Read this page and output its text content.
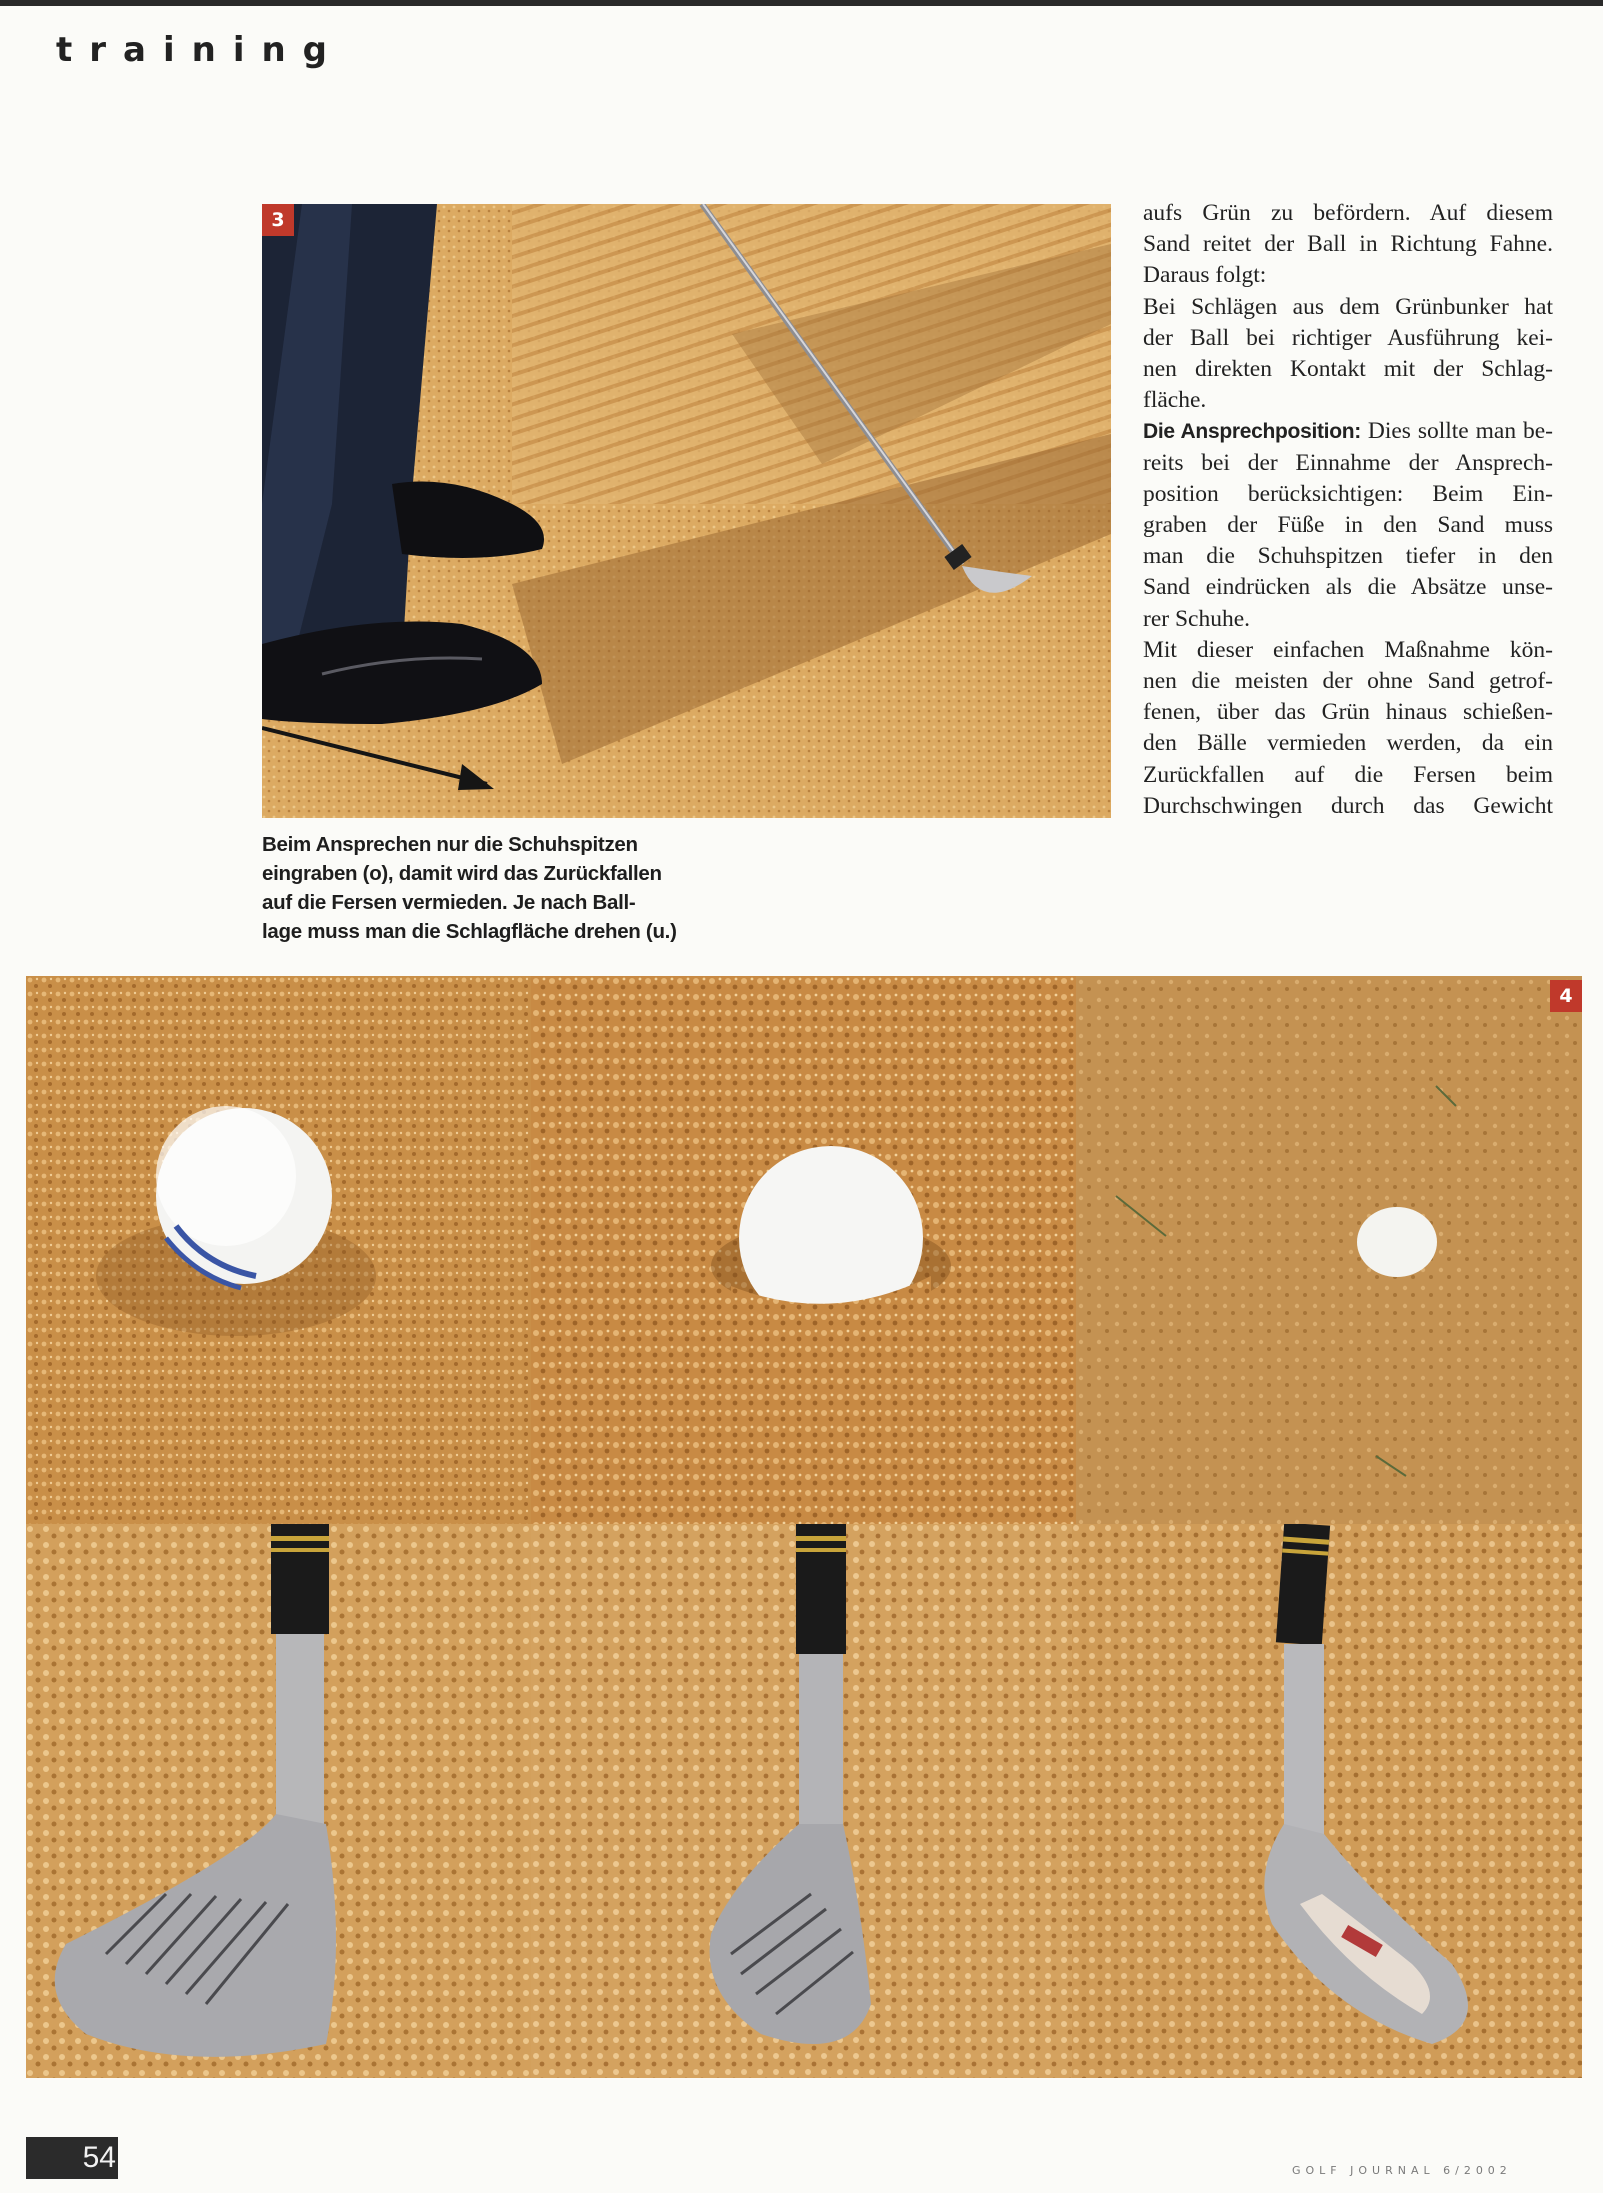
training
3
Beim Ansprechen nur die Schuhspitzen
eingraben (o), damit wird das Zurückfallen
auf die Fersen vermieden. Je nach Ball-
lage muss man die Schlagfläche drehen (u.)
aufs Grün zu befördern. Auf diesem
Sand reitet der Ball in Richtung Fahne.
Daraus folgt:
Bei Schlägen aus dem Grünbunker hat
der Ball bei richtiger Ausführung kei-
nen direkten Kontakt mit der Schlag-
fläche.
Die Ansprechposition: Dies sollte man be-
reits bei der Einnahme der Ansprech-
position berücksichtigen: Beim Ein-
graben der Füße in den Sand muss
man die Schuhspitzen tiefer in den
Sand eindrücken als die Absätze unse-
rer Schuhe.
Mit dieser einfachen Maßnahme kön-
nen die meisten der ohne Sand getrof-
fenen, über das Grün hinaus schießen-
den Bälle vermieden werden, da ein
Zurückfallen auf die Fersen beim
Durchschwingen durch das Gewicht
4
54	GOLF JOURNAL 6/2002
